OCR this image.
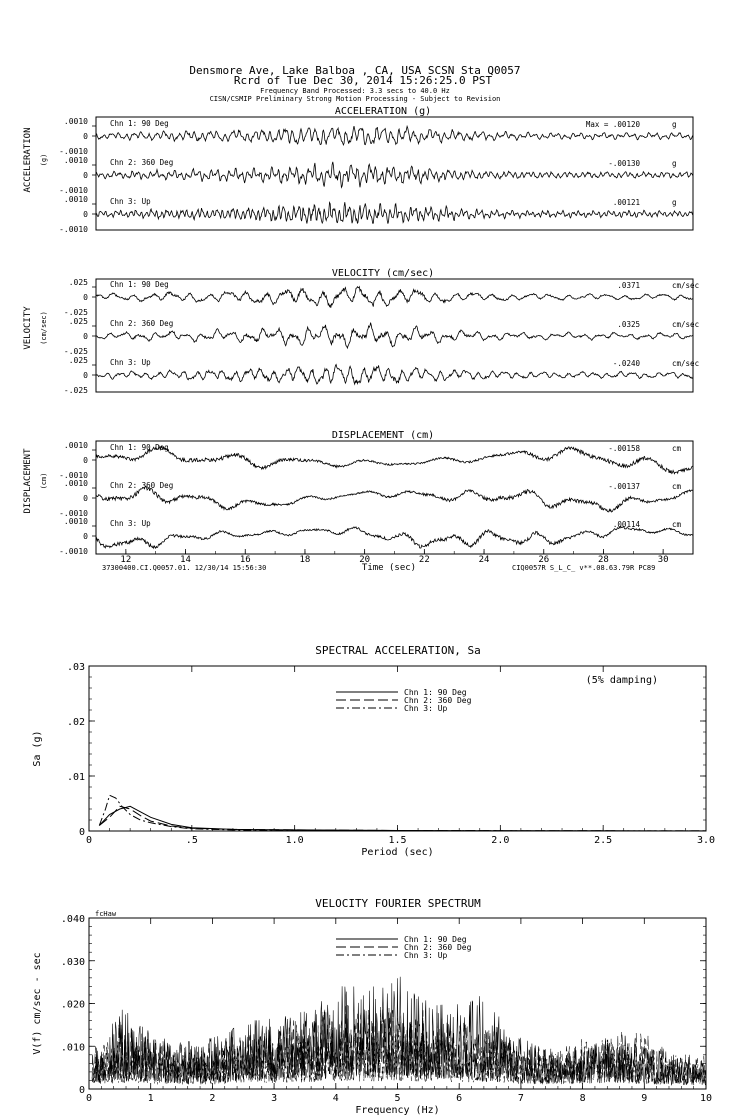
Densmore Ave, Lake Balboa , CA, USA SCSN Sta Q0057
Rcrd of Tue Dec 30, 2014 15:26:25.0 PST
Frequency Band Processed: 3.3 secs to 40.0 Hz
CISN/CSMIP Preliminary Strong Motion Processing - Subject to Revision
ACCELERATION (g)
ACCELERATION (g)
.0010
0
-.0010
Chn 1: 90 Deg	Max = .00120	g
.0010
0
-.0010
Chn 2: 360 Deg	-.00130	g
.0010
0
-.0010
Chn 3: Up	.00121	g
VELOCITY (cm/sec)
VELOCITY (cm/sec)
.025
0
-.025
Chn 1: 90 Deg	.0371	cm/sec
.025
0
-.025
Chn 2: 360 Deg	.0325	cm/sec
.025
0
-.025
Chn 3: Up	-.0240	cm/sec
DISPLACEMENT (cm)
DISPLACEMENT (cm)
.0010
0
-.0010
Chn 1: 90 Deg	-.00158	cm
.0010
0
-.0010
Chn 2: 360 Deg	-.00137	cm
.0010
0
-.0010
Chn 3: Up	.00114	cm
12	14	16	18	20	22	24	26	28	30
Time (sec)
37300400.CI.Q0057.01. 12/30/14 15:56:30	CIQ0057R S_L_C_ v**.08.63.79R PC89
SPECTRAL ACCELERATION, Sa
0	.5	1.0	1.5	2.0	2.5	3.0
0
.01
.02
.03
Period (sec)
Sa (g)
Chn 1: 90 Deg
Chn 2: 360 Deg
Chn 3: Up
(5% damping)
VELOCITY FOURIER SPECTRUM
0	1	2	3	4	5	6	7	8	9	10
0
.010
.020
.030
.040
Frequency (Hz)
V(f) cm/sec - sec
Chn 1: 90 Deg
Chn 2: 360 Deg
Chn 3: Up
fcHaw
